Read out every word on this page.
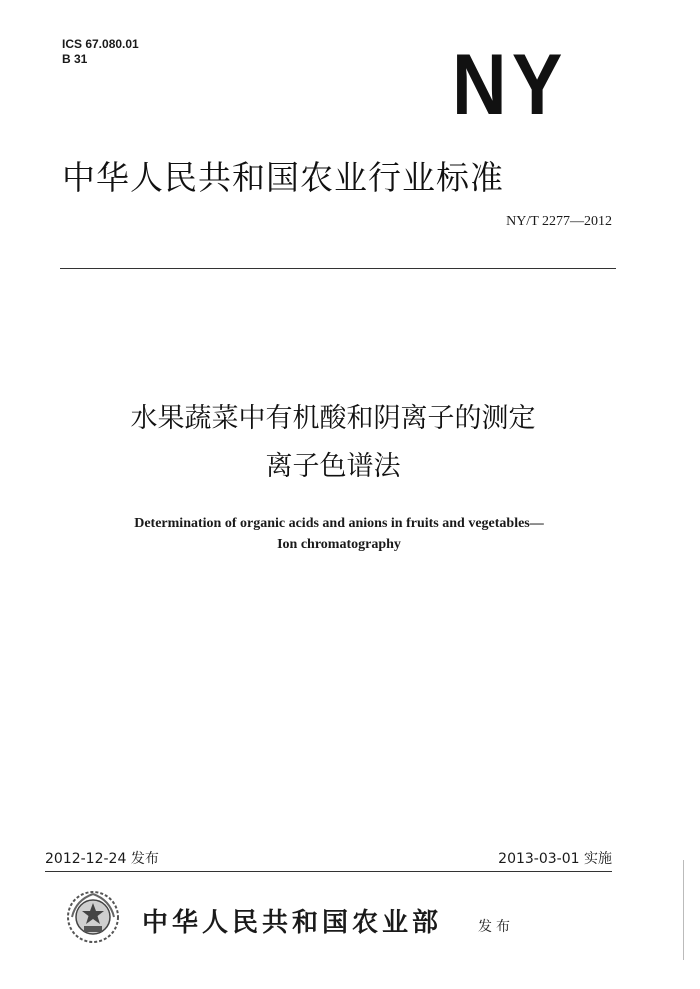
ICS 67.080.01
B 31	NY
中华人民共和国农业行业标准
NY/T 2277—2012
水果蔬菜中有机酸和阴离子的测定
离子色谱法
Determination of organic acids and anions in fruits and vegetables—
Ion chromatography
2012-12-24 发布	2013-03-01 实施
中华人民共和国农业部	发布
